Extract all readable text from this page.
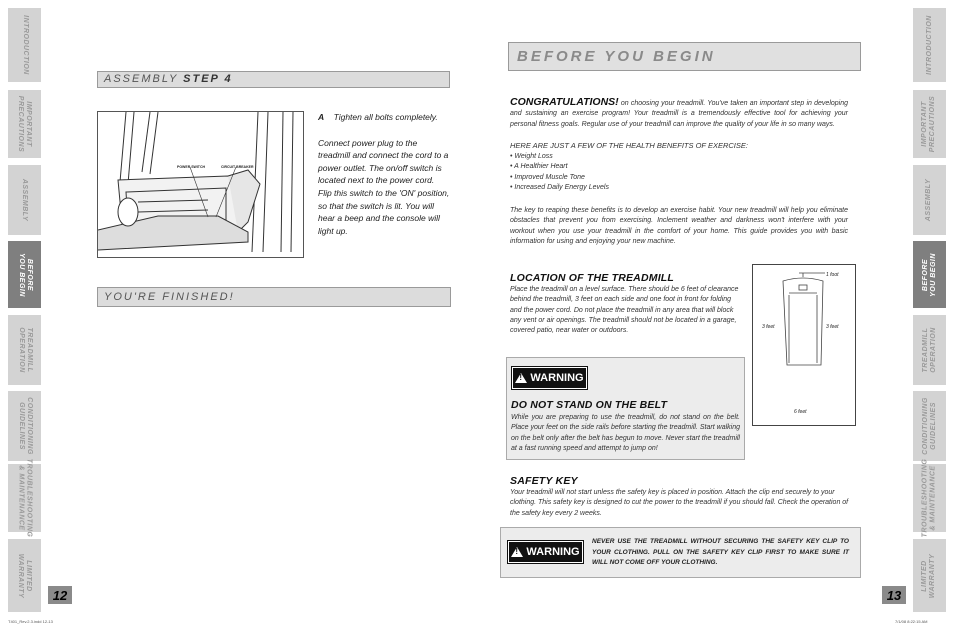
INTRODUCTION
IMPORTANT
PRECAUTIONS
ASSEMBLY
BEFORE
YOU BEGIN
TREADMILL
OPERATION
CONDITIONING
GUIDELINES
TROUBLESHOOTING
& MAINTENANCE
LIMITED
WARRANTY
INTRODUCTION
IMPORTANT
PRECAUTIONS
ASSEMBLY
BEFORE
YOU BEGIN
TREADMILL
OPERATION
CONDITIONING
GUIDELINES
TROUBLESHOOTING
& MAINTENANCE
LIMITED
WARRANTY
12	13
T401_Rev.2.3.indd 12-13	7/1/08 8:22:15 AM
ASSEMBLY STEP 4
POWER SWITCH	CIRCUIT BREAKER
A Tighten all bolts completely.
Connect power plug to the treadmill and connect the cord to a power outlet. The on/off switch is located next to the power cord. Flip this switch to the 'ON' position, so that the switch is lit. You will hear a beep and the console will light up.
YOU'RE FINISHED!
BEFORE YOU BEGIN
CONGRATULATIONS! on choosing your treadmill. You've taken an important step in developing and sustaining an exercise program! Your treadmill is a tremendously effective tool for achieving your personal fitness goals. Regular use of your treadmill can improve the quality of your life in so many ways.
HERE ARE JUST A FEW OF THE HEALTH BENEFITS OF EXERCISE:
• Weight Loss
• A Healthier Heart
• Improved Muscle Tone
• Increased Daily Energy Levels
The key to reaping these benefits is to develop an exercise habit. Your new treadmill will help you eliminate obstacles that prevent you from exercising. Inclement weather and darkness won't interfere with your workout when you use your treadmill in the comfort of your home. This guide provides you with basic information for using and enjoying your new machine.
LOCATION OF THE TREADMILL
Place the treadmill on a level surface. There should be 6 feet of clearance behind the treadmill, 3 feet on each side and one foot in front for folding and the power cord. Do not place the treadmill in any area that will block any vent or air openings. The treadmill should not be located in a garage, covered patio, near water or outdoors.
1 foot
3 feet	3 feet
6 feet
!
WARNING
DO NOT STAND ON THE BELT
While you are preparing to use the treadmill, do not stand on the belt. Place your feet on the side rails before starting the treadmill. Start walking on the belt only after the belt has begun to move. Never start the treadmill at a fast running speed and attempt to jump on!
SAFETY KEY
Your treadmill will not start unless the safety key is placed in position. Attach the clip end securely to your clothing. This safety key is designed to cut the power to the treadmill if you should fall. Check the operation of the safety key every 2 weeks.
!
WARNING
NEVER USE THE TREADMILL WITHOUT SECURING THE SAFETY KEY CLIP TO YOUR CLOTHING. PULL ON THE SAFETY KEY CLIP FIRST TO MAKE SURE IT WILL NOT COME OFF YOUR CLOTHING.
